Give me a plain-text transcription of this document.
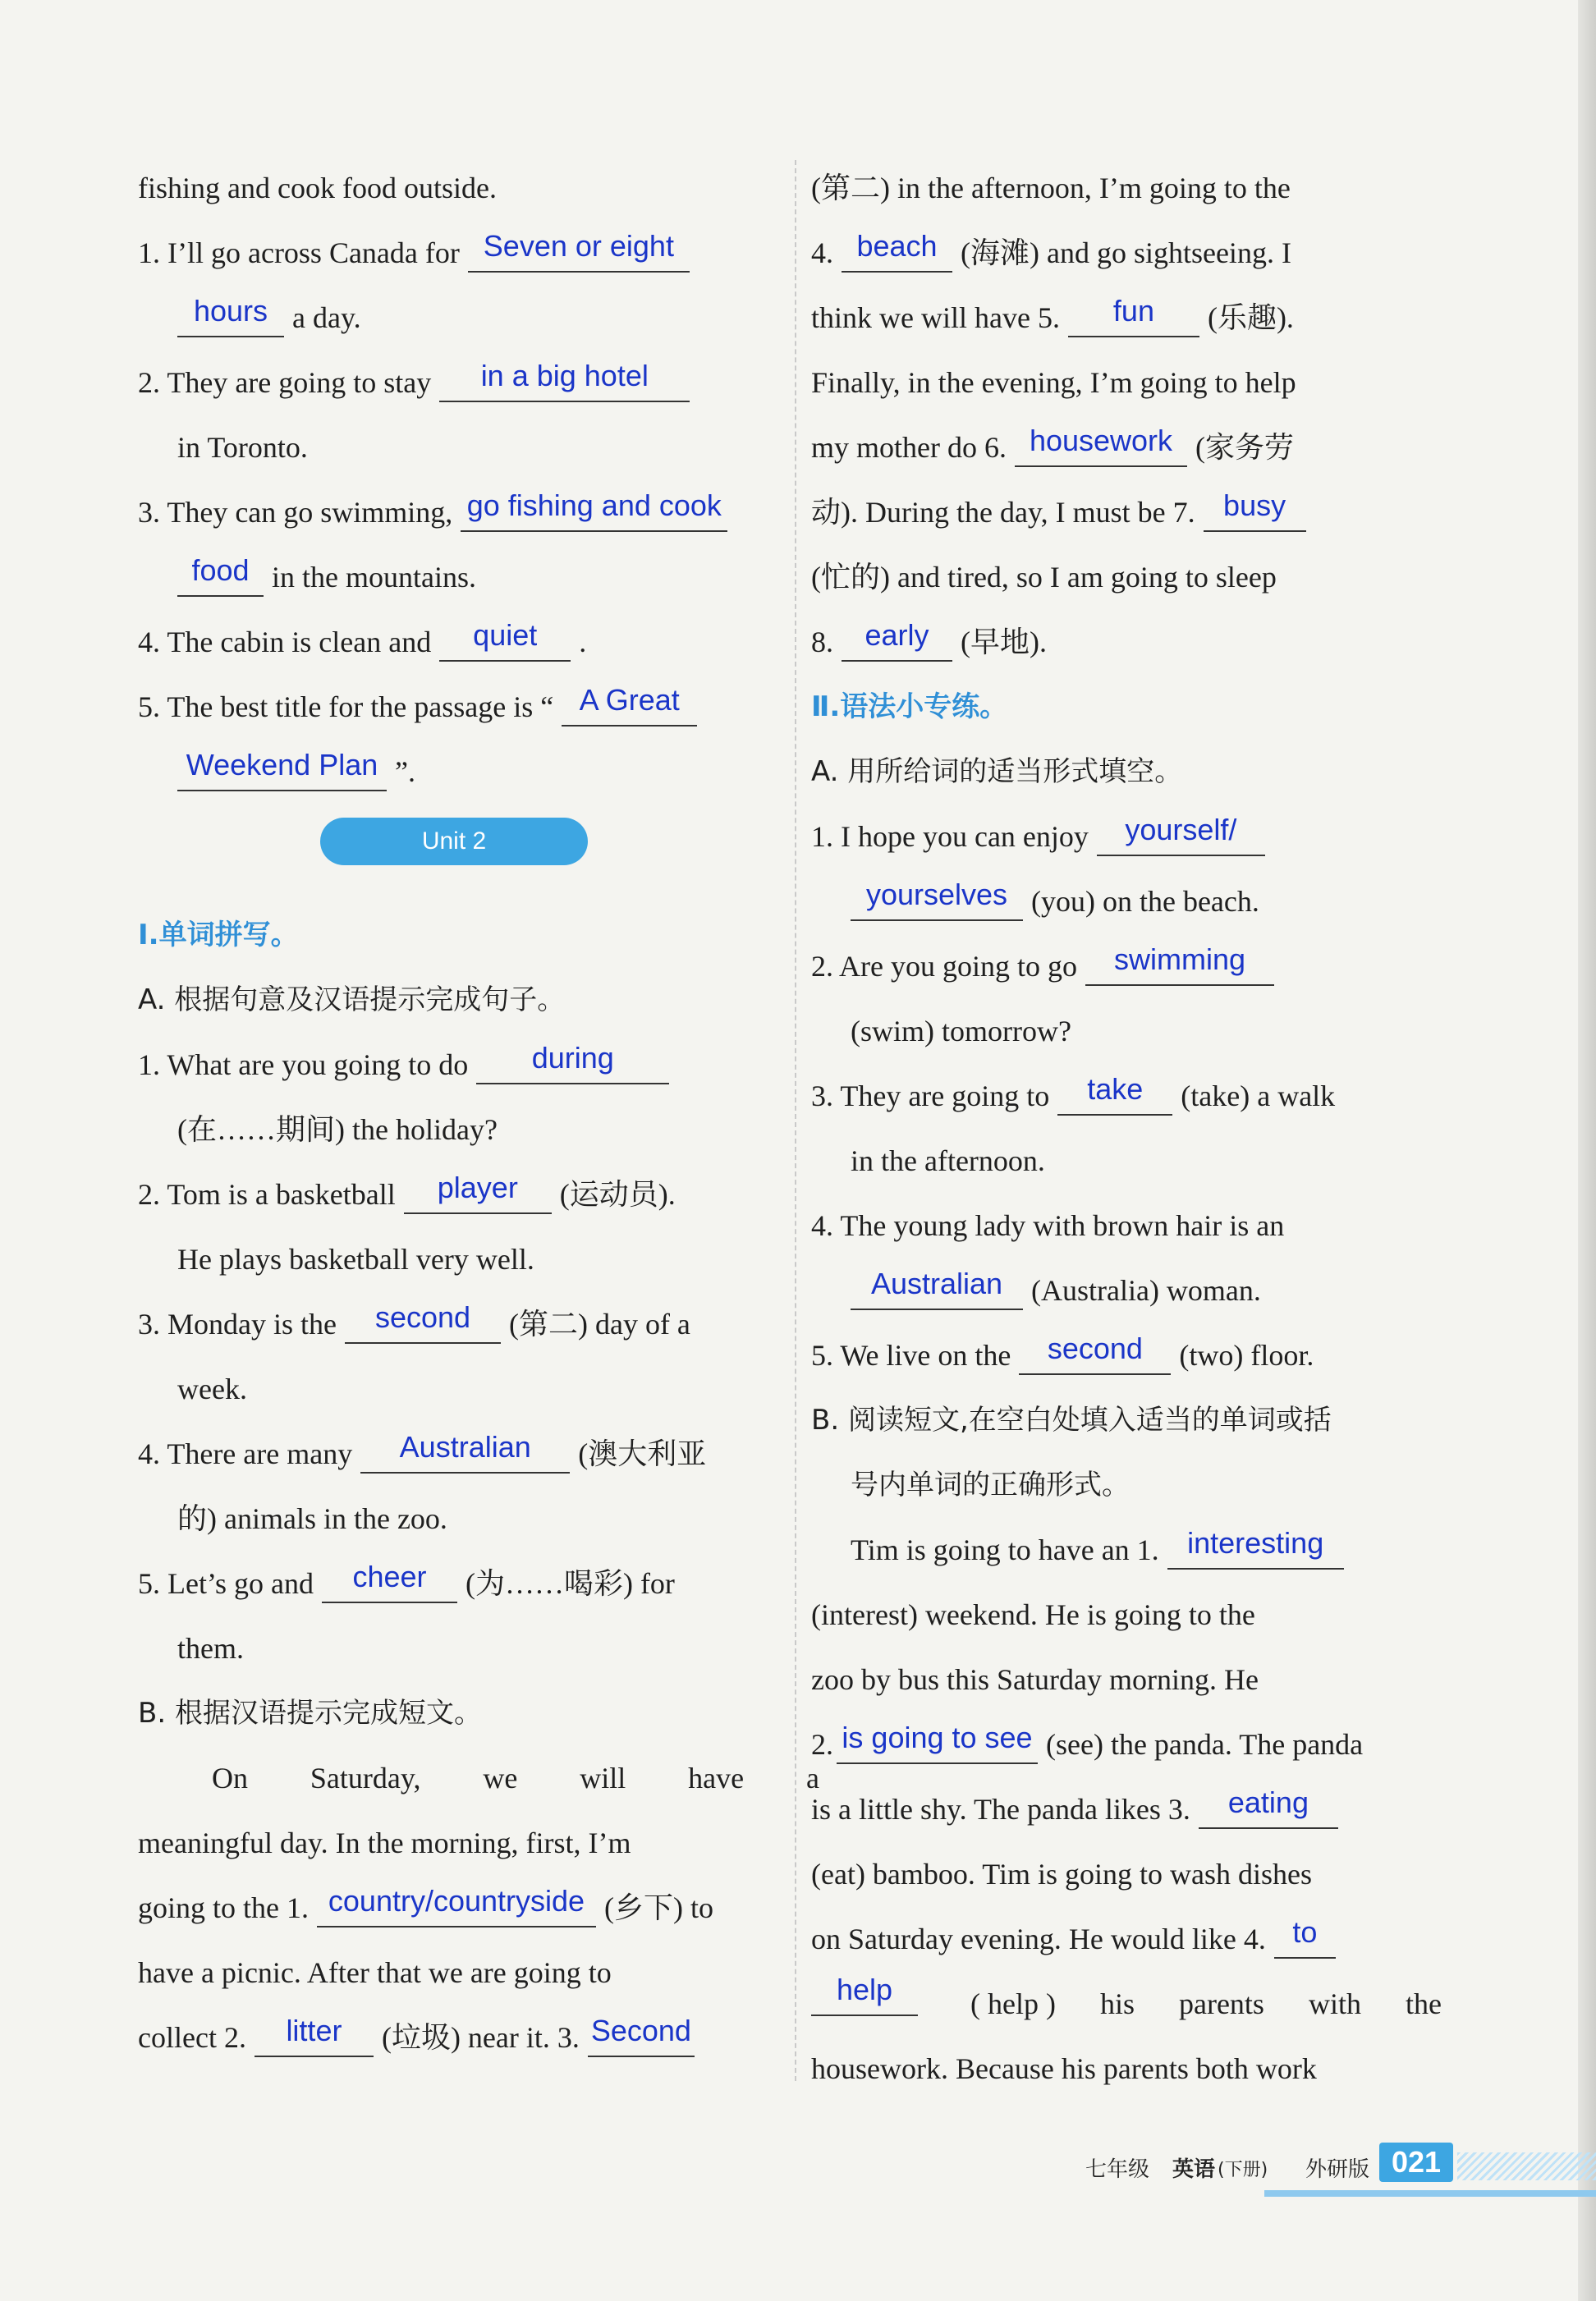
fishing and cook food outside.
1. I’ll go across Canada for Seven or eight
hours a day.
2. They are going to stay in a big hotel
in Toronto.
3. They can go swimming, go fishing and cook
food in the mountains.
4. The cabin is clean and quiet .
5. The best title for the passage is “ A Great
Weekend Plan ”.
Unit 2
Ⅰ.单词拼写。
A. 根据句意及汉语提示完成句子。
1. What are you going to do during
(在……期间) the holiday?
2. Tom is a basketball player (运动员).
He plays basketball very well.
3. Monday is the second (第二) day of a
week.
4. There are many Australian (澳大利亚
的) animals in the zoo.
5. Let’s go and cheer (为……喝彩) for
them.
B. 根据汉语提示完成短文。
On Saturday, we will have a
meaningful day. In the morning, first, I’m
going to the 1. country/countryside (乡下) to
have a picnic. After that we are going to
collect 2. litter (垃圾) near it. 3. Second
(第二) in the afternoon, I’m going to the
4. beach (海滩) and go sightseeing. I
think we will have 5. fun (乐趣).
Finally, in the evening, I’m going to help
my mother do 6. housework (家务劳
动). During the day, I must be 7. busy
(忙的) and tired, so I am going to sleep
8. early (早地).
Ⅱ.语法小专练。
A. 用所给词的适当形式填空。
1. I hope you can enjoy yourself/
yourselves (you) on the beach.
2. Are you going to go swimming
(swim) tomorrow?
3. They are going to take (take) a walk
in the afternoon.
4. The young lady with brown hair is an
Australian (Australia) woman.
5. We live on the second (two) floor.
B. 阅读短文,在空白处填入适当的单词或括
号内单词的正确形式。
Tim is going to have an 1. interesting
(interest) weekend. He is going to the
zoo by bus this Saturday morning. He
2. is going to see (see) the panda. The panda
is a little shy. The panda likes 3. eating
(eat) bamboo. Tim is going to wash dishes
on Saturday evening. He would like 4. to
help	( help ) his parents with the
housework. Because his parents both work
七年级 英语 (下册) 外研版 021
